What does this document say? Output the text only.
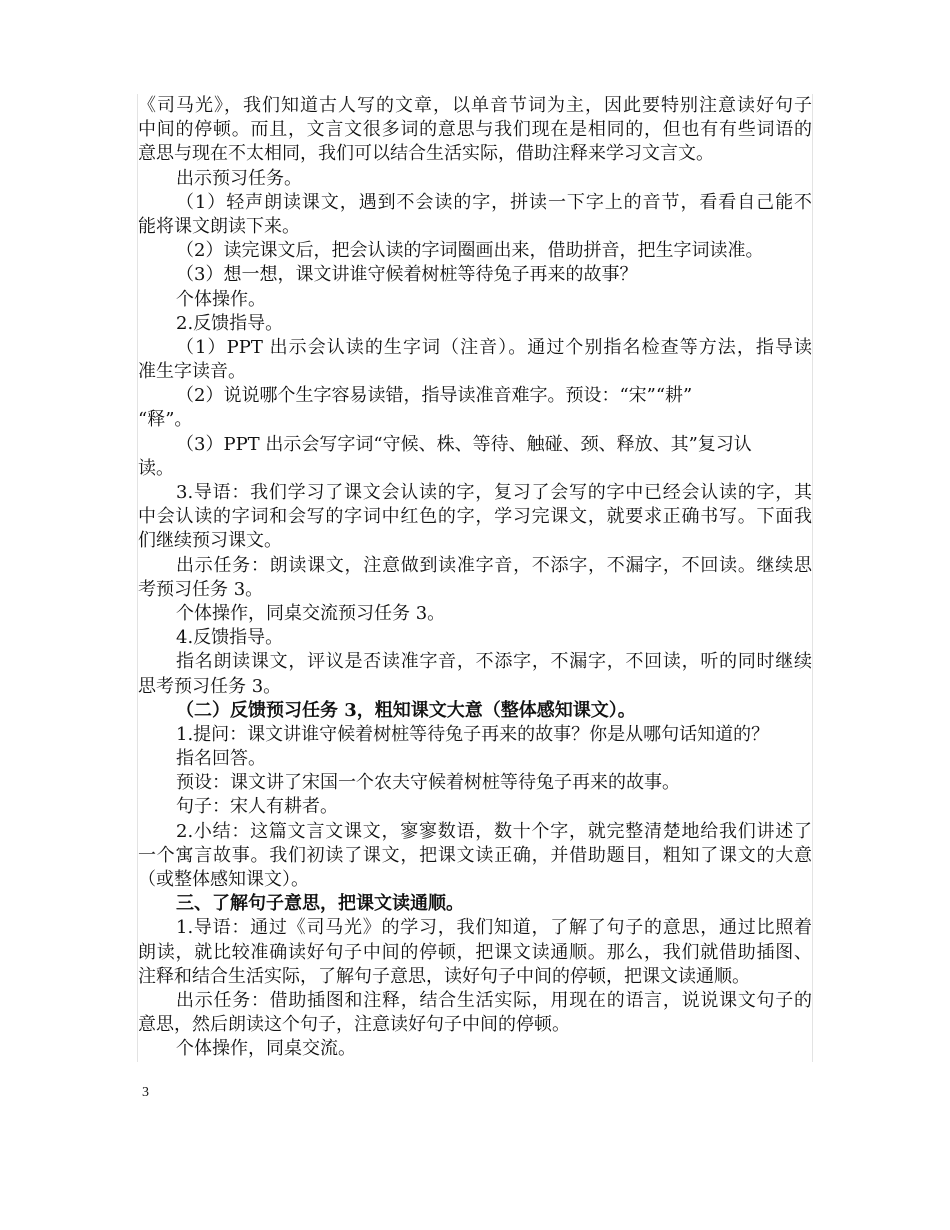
《司马光》，我们知道古人写的文章，以单音节词为主，因此要特别注意读好句子
中间的停顿。而且，文言文很多词的意思与我们现在是相同的，但也有有些词语的
意思与现在不太相同，我们可以结合生活实际，借助注释来学习文言文。
出示预习任务。
（1）轻声朗读课文，遇到不会读的字，拼读一下字上的音节，看看自己能不
能将课文朗读下来。
（2）读完课文后，把会认读的字词圈画出来，借助拼音，把生字词读准。
（3）想一想，课文讲谁守候着树桩等待兔子再来的故事？
个体操作。
2.反馈指导。
（1）PPT 出示会认读的生字词（注音）。通过个别指名检查等方法，指导读
准生字读音。
（2）说说哪个生字容易读错，指导读准音难字。预设：“宋”“耕”
“释”。
（3）PPT 出示会写字词“守候、株、等待、触碰、颈、释放、其”复习认
读。
3.导语：我们学习了课文会认读的字，复习了会写的字中已经会认读的字，其
中会认读的字词和会写的字词中红色的字，学习完课文，就要求正确书写。下面我
们继续预习课文。
出示任务：朗读课文，注意做到读准字音，不添字，不漏字，不回读。继续思
考预习任务 3。
个体操作，同桌交流预习任务 3。
4.反馈指导。
指名朗读课文，评议是否读准字音，不添字，不漏字，不回读，听的同时继续
思考预习任务 3。
（二）反馈预习任务 3，粗知课文大意（整体感知课文）。
1.提问：课文讲谁守候着树桩等待兔子再来的故事？你是从哪句话知道的？
指名回答。
预设：课文讲了宋国一个农夫守候着树桩等待兔子再来的故事。
句子：宋人有耕者。
2.小结：这篇文言文课文，寥寥数语，数十个字，就完整清楚地给我们讲述了
一个寓言故事。我们初读了课文，把课文读正确，并借助题目，粗知了课文的大意
（或整体感知课文）。
三、了解句子意思，把课文读通顺。
1.导语：通过《司马光》的学习，我们知道，了解了句子的意思，通过比照着
朗读，就比较准确读好句子中间的停顿，把课文读通顺。那么，我们就借助插图、
注释和结合生活实际，了解句子意思，读好句子中间的停顿，把课文读通顺。
出示任务：借助插图和注释，结合生活实际，用现在的语言，说说课文句子的
意思，然后朗读这个句子，注意读好句子中间的停顿。
个体操作，同桌交流。
3
